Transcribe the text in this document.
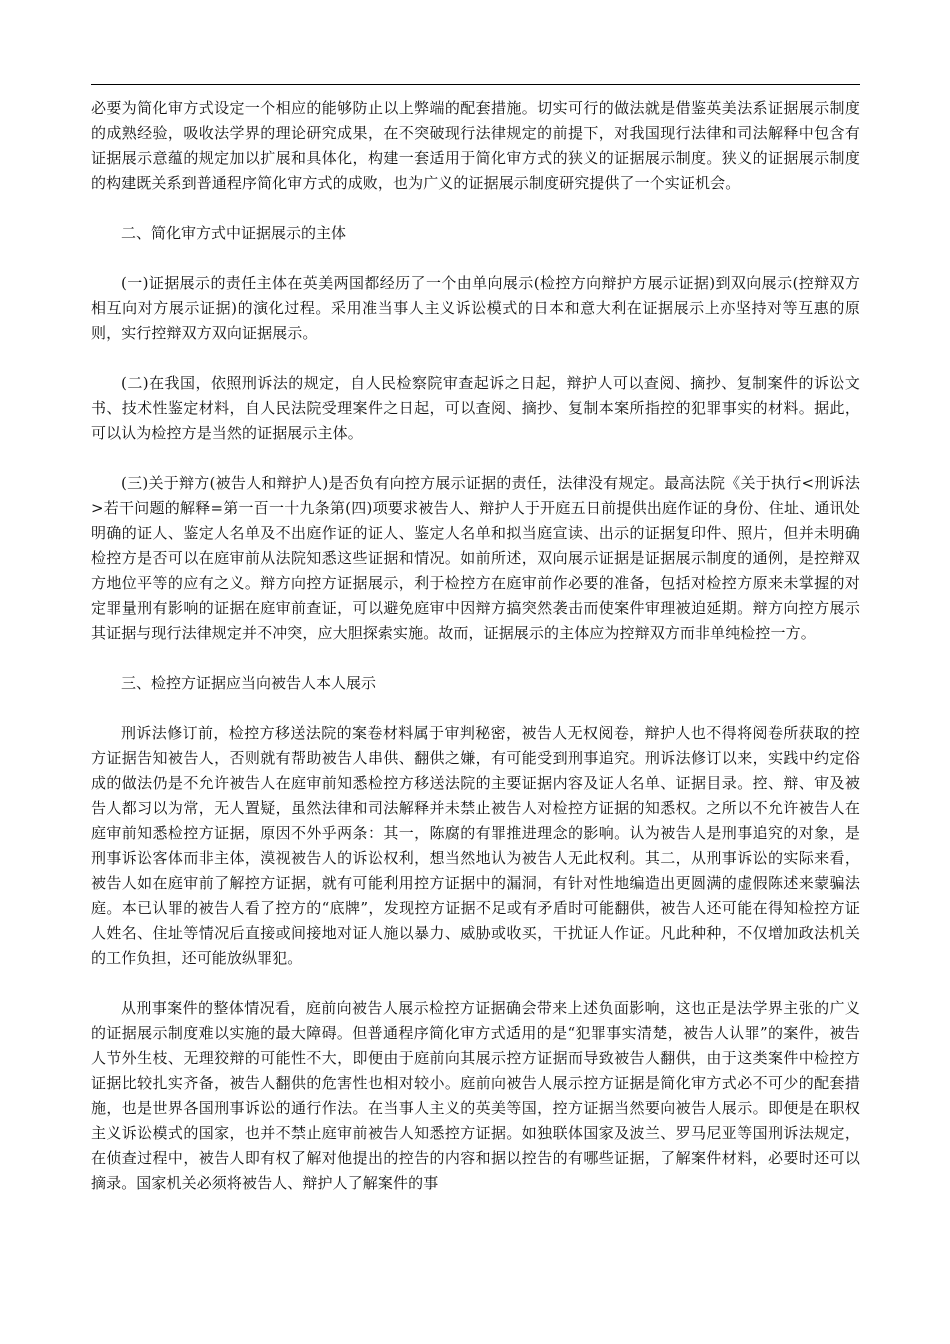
必要为简化审方式设定一个相应的能够防止以上弊端的配套措施。切实可行的做法就是借鉴英美法系证据展示制度的成熟经验，吸收法学界的理论研究成果，在不突破现行法律规定的前提下，对我国现行法律和司法解释中包含有证据展示意蕴的规定加以扩展和具体化，构建一套适用于简化审方式的狭义的证据展示制度。狭义的证据展示制度的构建既关系到普通程序简化审方式的成败，也为广义的证据展示制度研究提供了一个实证机会。

二、简化审方式中证据展示的主体

(一)证据展示的责任主体在英美两国都经历了一个由单向展示(检控方向辩护方展示证据)到双向展示(控辩双方相互向对方展示证据)的演化过程。采用准当事人主义诉讼模式的日本和意大利在证据展示上亦坚持对等互惠的原则，实行控辩双方双向证据展示。

(二)在我国，依照刑诉法的规定，自人民检察院审查起诉之日起，辩护人可以查阅、摘抄、复制案件的诉讼文书、技术性鉴定材料，自人民法院受理案件之日起，可以查阅、摘抄、复制本案所指控的犯罪事实的材料。据此，可以认为检控方是当然的证据展示主体。

(三)关于辩方(被告人和辩护人)是否负有向控方展示证据的责任，法律没有规定。最高法院《关于执行<刑诉法>若干问题的解释=第一百一十九条第(四)项要求被告人、辩护人于开庭五日前提供出庭作证的身份、住址、通讯处明确的证人、鉴定人名单及不出庭作证的证人、鉴定人名单和拟当庭宣读、出示的证据复印件、照片，但并未明确检控方是否可以在庭审前从法院知悉这些证据和情况。如前所述，双向展示证据是证据展示制度的通例，是控辩双方地位平等的应有之义。辩方向控方证据展示，利于检控方在庭审前作必要的准备，包括对检控方原来未掌握的对定罪量刑有影响的证据在庭审前查证，可以避免庭审中因辩方搞突然袭击而使案件审理被迫延期。辩方向控方展示其证据与现行法律规定并不冲突，应大胆探索实施。故而，证据展示的主体应为控辩双方而非单纯检控一方。

三、检控方证据应当向被告人本人展示

刑诉法修订前，检控方移送法院的案卷材料属于审判秘密，被告人无权阅卷，辩护人也不得将阅卷所获取的控方证据告知被告人，否则就有帮助被告人串供、翻供之嫌，有可能受到刑事追究。刑诉法修订以来，实践中约定俗成的做法仍是不允许被告人在庭审前知悉检控方移送法院的主要证据内容及证人名单、证据目录。控、辩、审及被告人都习以为常，无人置疑，虽然法律和司法解释并未禁止被告人对检控方证据的知悉权。之所以不允许被告人在庭审前知悉检控方证据，原因不外乎两条：其一，陈腐的有罪推进理念的影响。认为被告人是刑事追究的对象，是刑事诉讼客体而非主体，漠视被告人的诉讼权利，想当然地认为被告人无此权利。其二，从刑事诉讼的实际来看，被告人如在庭审前了解控方证据，就有可能利用控方证据中的漏洞，有针对性地编造出更圆满的虚假陈述来蒙骗法庭。本已认罪的被告人看了控方的“底牌”，发现控方证据不足或有矛盾时可能翻供，被告人还可能在得知检控方证人姓名、住址等情况后直接或间接地对证人施以暴力、威胁或收买，干扰证人作证。凡此种种，不仅增加政法机关的工作负担，还可能放纵罪犯。

从刑事案件的整体情况看，庭前向被告人展示检控方证据确会带来上述负面影响，这也正是法学界主张的广义的证据展示制度难以实施的最大障碍。但普通程序简化审方式适用的是“犯罪事实清楚，被告人认罪”的案件，被告人节外生枝、无理狡辩的可能性不大，即便由于庭前向其展示控方证据而导致被告人翻供，由于这类案件中检控方证据比较扎实齐备，被告人翻供的危害性也相对较小。庭前向被告人展示控方证据是简化审方式必不可少的配套措施，也是世界各国刑事诉讼的通行作法。在当事人主义的英美等国，控方证据当然要向被告人展示。即便是在职权主义诉讼模式的国家，也并不禁止庭审前被告人知悉控方证据。如独联体国家及波兰、罗马尼亚等国刑诉法规定，在侦查过程中，被告人即有权了解对他提出的控告的内容和据以控告的有哪些证据，了解案件材料，必要时还可以摘录。国家机关必须将被告人、辩护人了解案件的事
